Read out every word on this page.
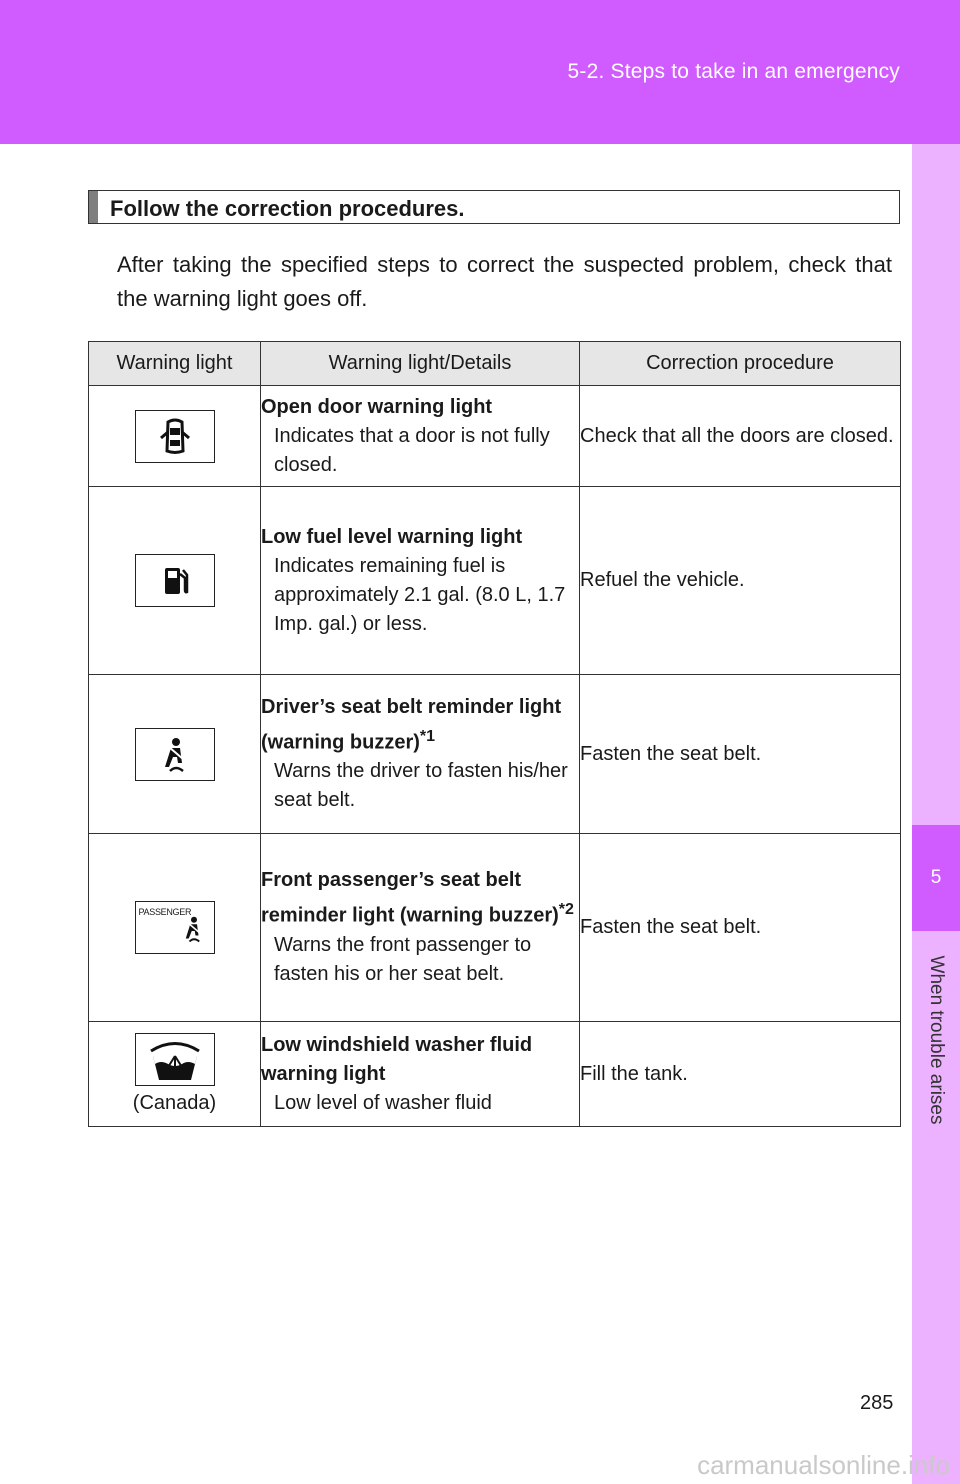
5-2. Steps to take in an emergency
5
When trouble arises
Follow the correction procedures.
After taking the specified steps to correct the suspected problem, check that the warning light goes off.
Warning light	Warning light/Details	Correction procedure

Open door warning light
Indicates that a door is not fully closed.	Check that all the doors are closed.

Low fuel level warning light
Indicates remaining fuel is approximately 2.1 gal. (8.0 L, 1.7 Imp. gal.) or less.	Refuel the vehicle.

Driver’s seat belt reminder light (warning buzzer)$^{*1}$
Warns the driver to fasten his/her seat belt.	Fasten the seat belt.

PASSENGER	Front passenger’s seat belt reminder light (warning buzzer)$^{*2}$
Warns the front passenger to fasten his or her seat belt.	Fasten the seat belt.

(Canada)	Low windshield washer fluid warning light
Low level of washer fluid	Fill the tank.
285
carmanualsonline.info
